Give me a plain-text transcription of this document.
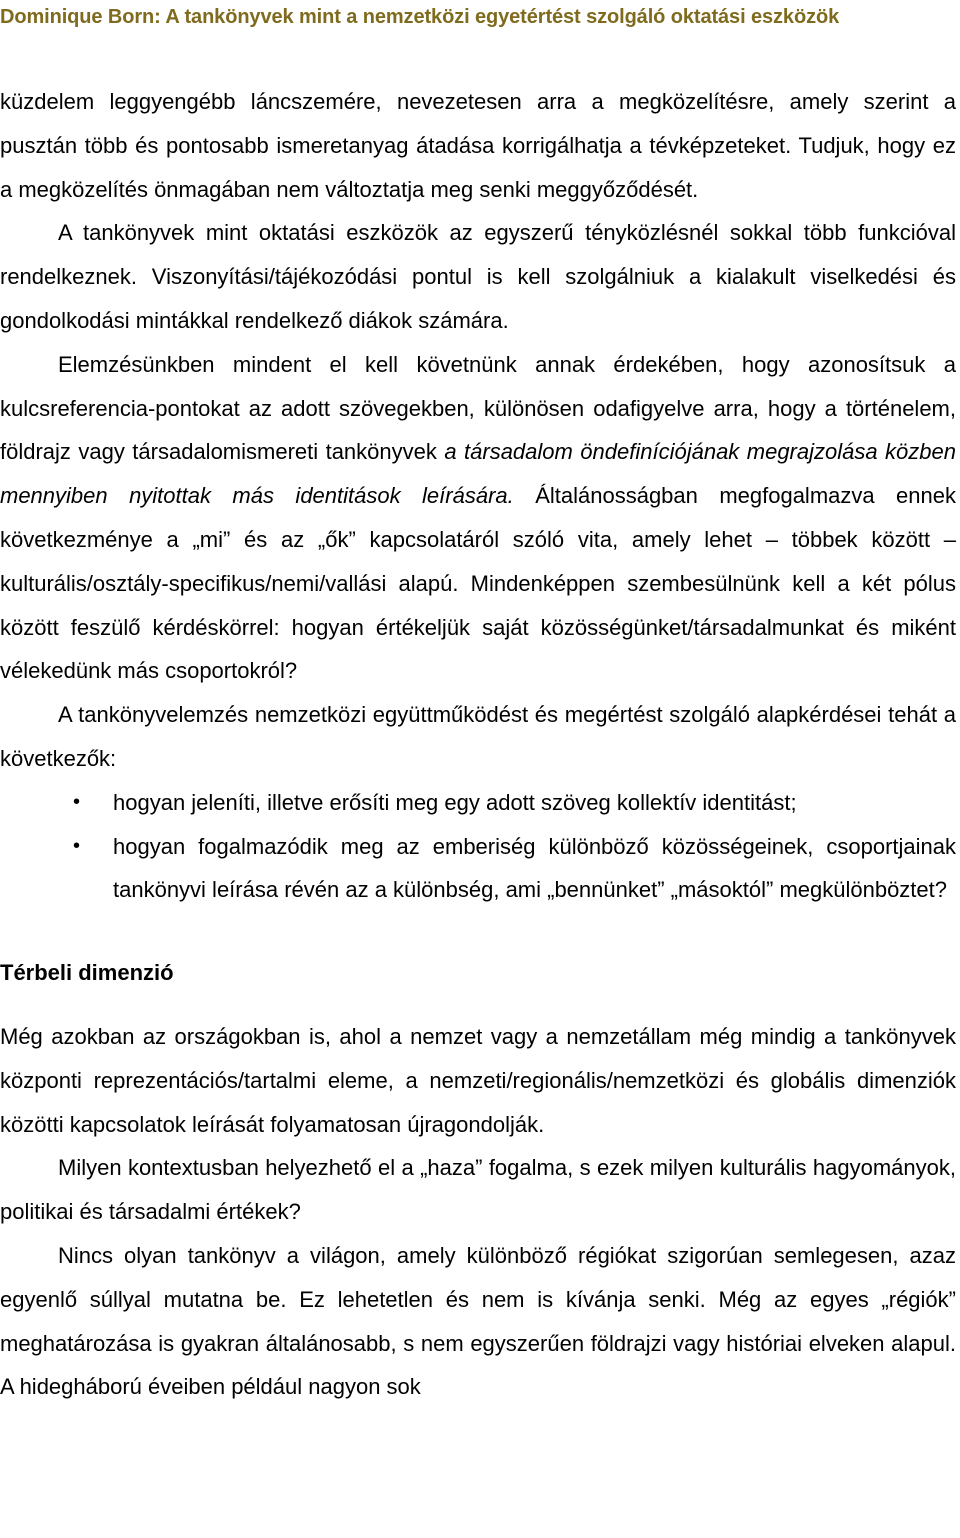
Dominique Born: A tankönyvek mint a nemzetközi egyetértést szolgáló oktatási eszközök

küzdelem leggyengébb láncszemére, nevezetesen arra a megközelítésre, amely szerint a pusztán több és pontosabb ismeretanyag átadása korrigálhatja a tévképzeteket. Tudjuk, hogy ez a megközelítés önmagában nem változtatja meg senki meggyőződését.

A tankönyvek mint oktatási eszközök az egyszerű tényközlésnél sokkal több funkcióval rendelkeznek. Viszonyítási/tájékozódási pontul is kell szolgálniuk a kialakult viselkedési és gondolkodási mintákkal rendelkező diákok számára.

Elemzésünkben mindent el kell követnünk annak érdekében, hogy azonosítsuk a kulcsreferencia-pontokat az adott szövegekben, különösen odafigyelve arra, hogy a történelem, földrajz vagy társadalomismereti tankönyvek a társadalom öndefiníciójának megrajzolása közben mennyiben nyitottak más identitások leírására. Általánosságban megfogalmazva ennek következménye a „mi” és az „ők” kapcsolatáról szóló vita, amely lehet – többek között – kulturális/osztály-specifikus/nemi/vallási alapú. Mindenképpen szembesülnünk kell a két pólus között feszülő kérdéskörrel: hogyan értékeljük saját közösségünket/társadalmunkat és miként vélekedünk más csoportokról?

A tankönyvelemzés nemzetközi együttműködést és megértést szolgáló alapkérdései tehát a következők:

• hogyan jeleníti, illetve erősíti meg egy adott szöveg kollektív identitást;
• hogyan fogalmazódik meg az emberiség különböző közösségeinek, csoportjainak tankönyvi leírása révén az a különbség, ami „bennünket” „másoktól” megkülönböztet?

Térbeli dimenzió

Még azokban az országokban is, ahol a nemzet vagy a nemzetállam még mindig a tankönyvek központi reprezentációs/tartalmi eleme, a nemzeti/regionális/nemzetközi és globális dimenziók közötti kapcsolatok leírását folyamatosan újragondolják.

Milyen kontextusban helyezhető el a „haza” fogalma, s ezek milyen kulturális hagyományok, politikai és társadalmi értékek?

Nincs olyan tankönyv a világon, amely különböző régiókat szigorúan semlegesen, azaz egyenlő súllyal mutatna be. Ez lehetetlen és nem is kívánja senki. Még az egyes „régiók” meghatározása is gyakran általánosabb, s nem egyszerűen földrajzi vagy históriai elveken alapul. A hidegháború éveiben például nagyon sok
